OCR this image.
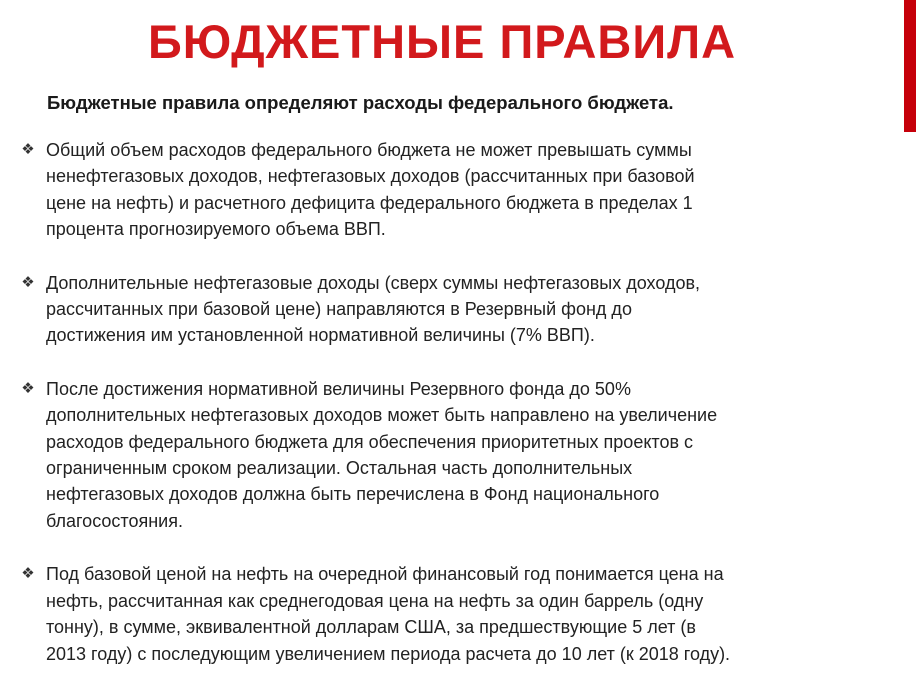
БЮДЖЕТНЫЕ ПРАВИЛА
Бюджетные правила определяют расходы федерального бюджета.
❖ Общий объем расходов федерального бюджета не может превышать суммы
ненефтегазовых доходов, нефтегазовых доходов (рассчитанных при базовой
цене на нефть) и расчетного дефицита федерального бюджета в пределах 1
процента прогнозируемого объема ВВП.
❖ Дополнительные нефтегазовые доходы (сверх суммы нефтегазовых доходов,
рассчитанных при базовой цене) направляются в Резервный фонд до
достижения им установленной нормативной величины (7% ВВП).
❖ После достижения нормативной величины Резервного фонда до 50%
дополнительных нефтегазовых доходов может быть направлено на увеличение
расходов федерального бюджета для обеспечения приоритетных проектов с
ограниченным сроком реализации. Остальная часть дополнительных
нефтегазовых доходов должна быть перечислена в Фонд национального
благосостояния.
❖ Под базовой ценой на нефть на очередной финансовый год понимается цена на
нефть, рассчитанная как среднегодовая цена на нефть за один баррель (одну
тонну), в сумме, эквивалентной долларам США, за предшествующие 5 лет (в
2013 году) с последующим увеличением периода расчета до 10 лет (к 2018 году).
